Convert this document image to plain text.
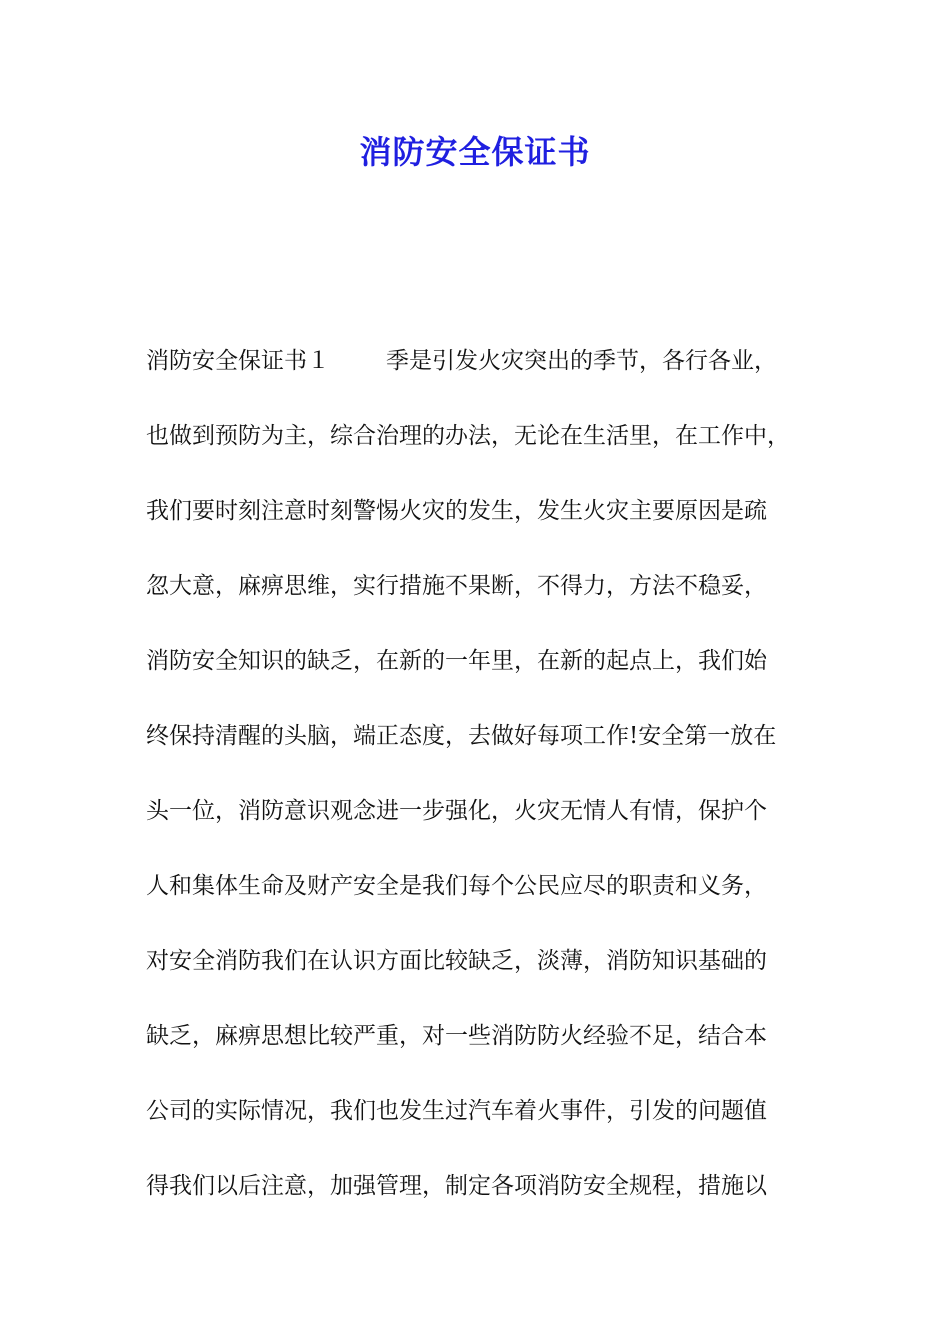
消防安全保证书
消防安全保证书１ 季是引发火灾突出的季节，各行各业，
也做到预防为主，综合治理的办法，无论在生活里，在工作中，
我们要时刻注意时刻警惕火灾的发生，发生火灾主要原因是疏
忽大意，麻痹思维，实行措施不果断，不得力，方法不稳妥，
消防安全知识的缺乏，在新的一年里，在新的起点上，我们始
终保持清醒的头脑，端正态度，去做好每项工作!安全第一放在
头一位，消防意识观念进一步强化，火灾无情人有情，保护个
人和集体生命及财产安全是我们每个公民应尽的职责和义务，
对安全消防我们在认识方面比较缺乏，淡薄，消防知识基础的
缺乏，麻痹思想比较严重，对一些消防防火经验不足，结合本
公司的实际情况，我们也发生过汽车着火事件，引发的问题值
得我们以后注意，加强管理，制定各项消防安全规程，措施以
